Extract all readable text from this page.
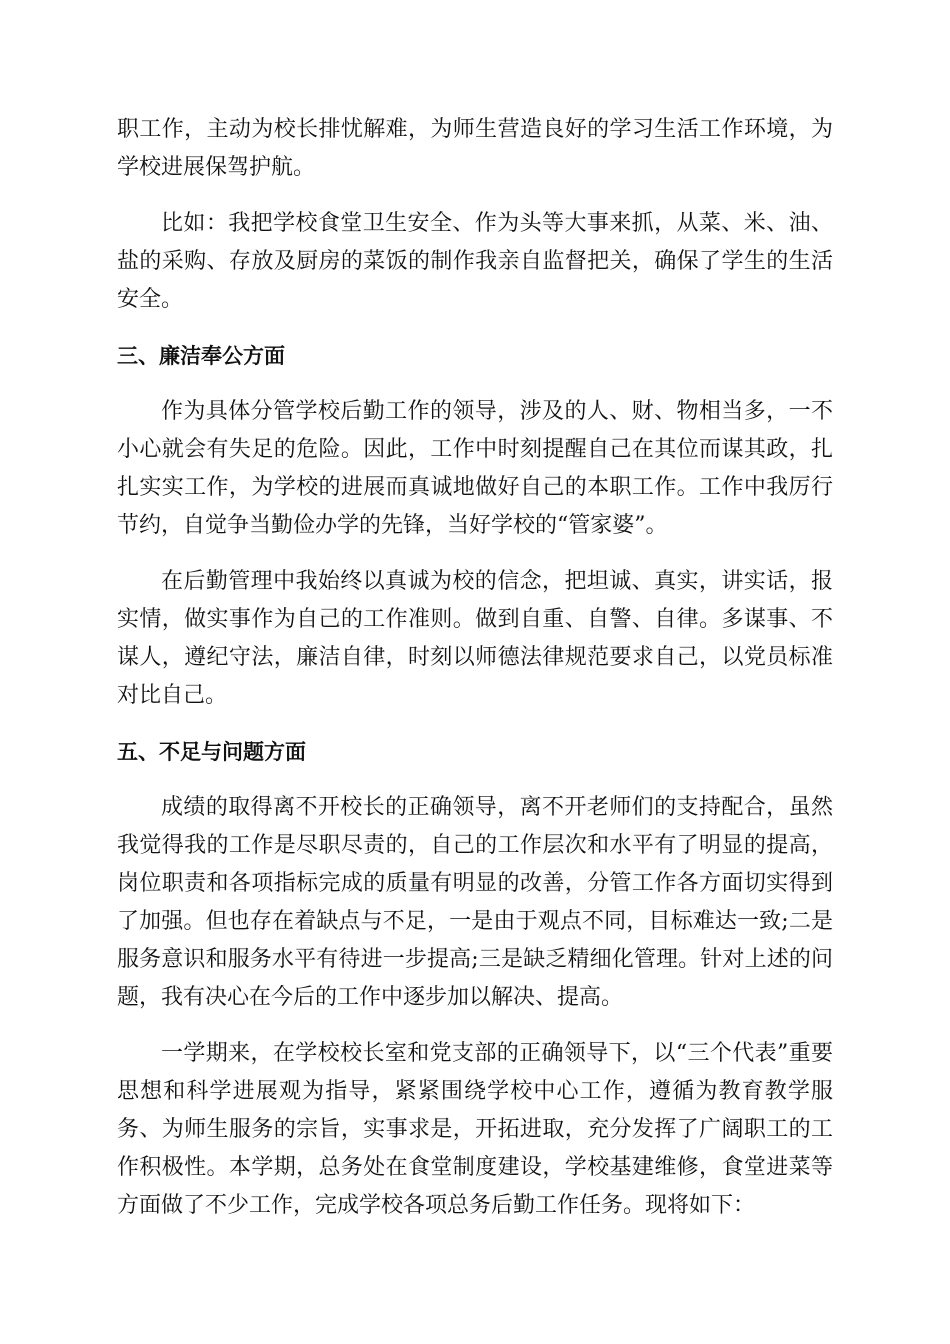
职工作，主动为校长排忧解难，为师生营造良好的学习生活工作环境，为学校进展保驾护航。

比如：我把学校食堂卫生安全、作为头等大事来抓，从菜、米、油、盐的采购、存放及厨房的菜饭的制作我亲自监督把关，确保了学生的生活安全。

三、廉洁奉公方面

作为具体分管学校后勤工作的领导，涉及的人、财、物相当多，一不小心就会有失足的危险。因此，工作中时刻提醒自己在其位而谋其政，扎扎实实工作，为学校的进展而真诚地做好自己的本职工作。工作中我厉行节约，自觉争当勤俭办学的先锋，当好学校的“管家婆”。

在后勤管理中我始终以真诚为校的信念，把坦诚、真实，讲实话，报实情，做实事作为自己的工作准则。做到自重、自警、自律。多谋事、不谋人，遵纪守法，廉洁自律，时刻以师德法律规范要求自己，以党员标准对比自己。

五、不足与问题方面

成绩的取得离不开校长的正确领导，离不开老师们的支持配合，虽然我觉得我的工作是尽职尽责的，自己的工作层次和水平有了明显的提高，岗位职责和各项指标完成的质量有明显的改善，分管工作各方面切实得到了加强。但也存在着缺点与不足，一是由于观点不同，目标难达一致;二是服务意识和服务水平有待进一步提高;三是缺乏精细化管理。针对上述的问题，我有决心在今后的工作中逐步加以解决、提高。

一学期来，在学校校长室和党支部的正确领导下，以“三个代表”重要思想和科学进展观为指导，紧紧围绕学校中心工作，遵循为教育教学服务、为师生服务的宗旨，实事求是，开拓进取，充分发挥了广阔职工的工作积极性。本学期，总务处在食堂制度建设，学校基建维修，食堂进菜等方面做了不少工作，完成学校各项总务后勤工作任务。现将如下：
